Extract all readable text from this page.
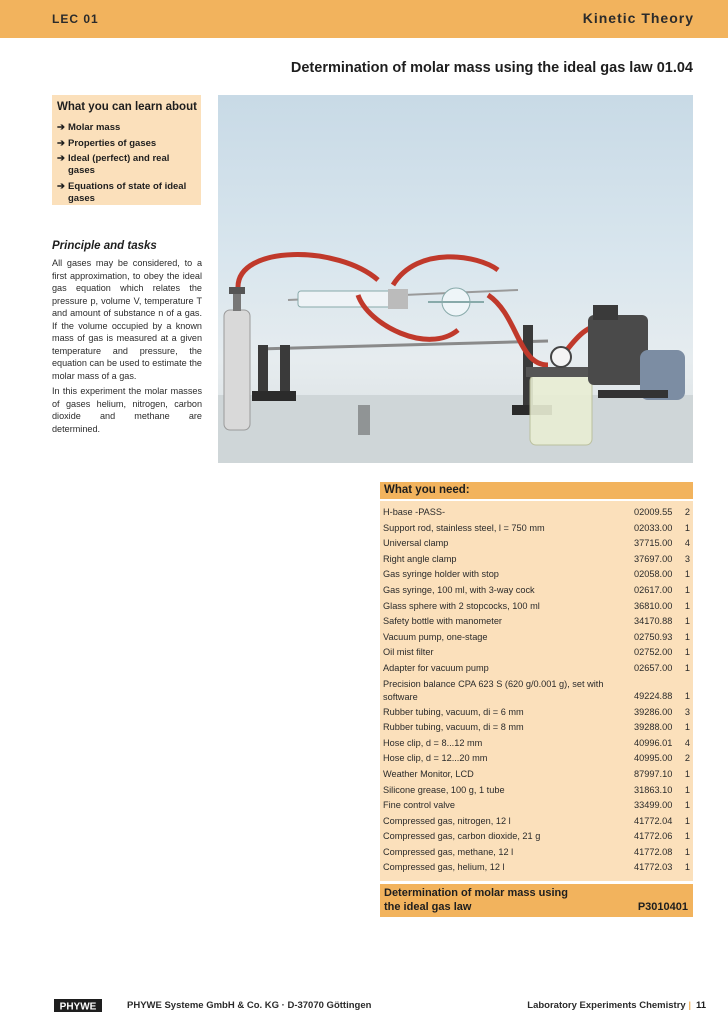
LEC 01	Kinetic Theory
Determination of molar mass using the ideal gas law 01.04
What you can learn about
➔ Molar mass
➔ Properties of gases
➔ Ideal (perfect) and real gases
➔ Equations of state of ideal gases
Principle and tasks

All gases may be considered, to a first approximation, to obey the ideal gas equation which relates the pressure p, volume V, temperature T and amount of substance n of a gas. If the volume occupied by a known mass of gas is measured at a given temperature and pressure, the equation can be used to estimate the molar mass of a gas.

In this experiment the molar masses of gases helium, nitrogen, carbon dioxide and methane are determined.

What you need:
H-base -PASS-	02009.55 2
Support rod, stainless steel, l = 750 mm	02033.00 1
Universal clamp	37715.00 4
Right angle clamp	37697.00 3
Gas syringe holder with stop	02058.00 1
Gas syringe, 100 ml, with 3-way cock	02617.00 1
Glass sphere with 2 stopcocks, 100 ml	36810.00 1
Safety bottle with manometer	34170.88 1
Vacuum pump, one-stage	02750.93 1
Oil mist filter	02752.00 1
Adapter for vacuum pump	02657.00 1
Precision balance CPA 623 S (620 g/0.001 g), set with software	49224.88 1
Rubber tubing, vacuum, di = 6 mm	39286.00 3
Rubber tubing, vacuum, di = 8 mm	39288.00 1
Hose clip, d = 8...12 mm	40996.01 4
Hose clip, d = 12...20 mm	40995.00 2
Weather Monitor, LCD	87997.10 1
Silicone grease, 100 g, 1 tube	31863.10 1
Fine control valve	33499.00 1
Compressed gas, nitrogen, 12 l	41772.04 1
Compressed gas, carbon dioxide, 21 g	41772.06 1
Compressed gas, methane, 12 l	41772.08 1
Compressed gas, helium, 12 l	41772.03 1
Determination of molar mass using the ideal gas law	P3010401
PHYWE	PHYWE Systeme GmbH & Co. KG · D-37070 Göttingen	Laboratory Experiments Chemistry | 11
